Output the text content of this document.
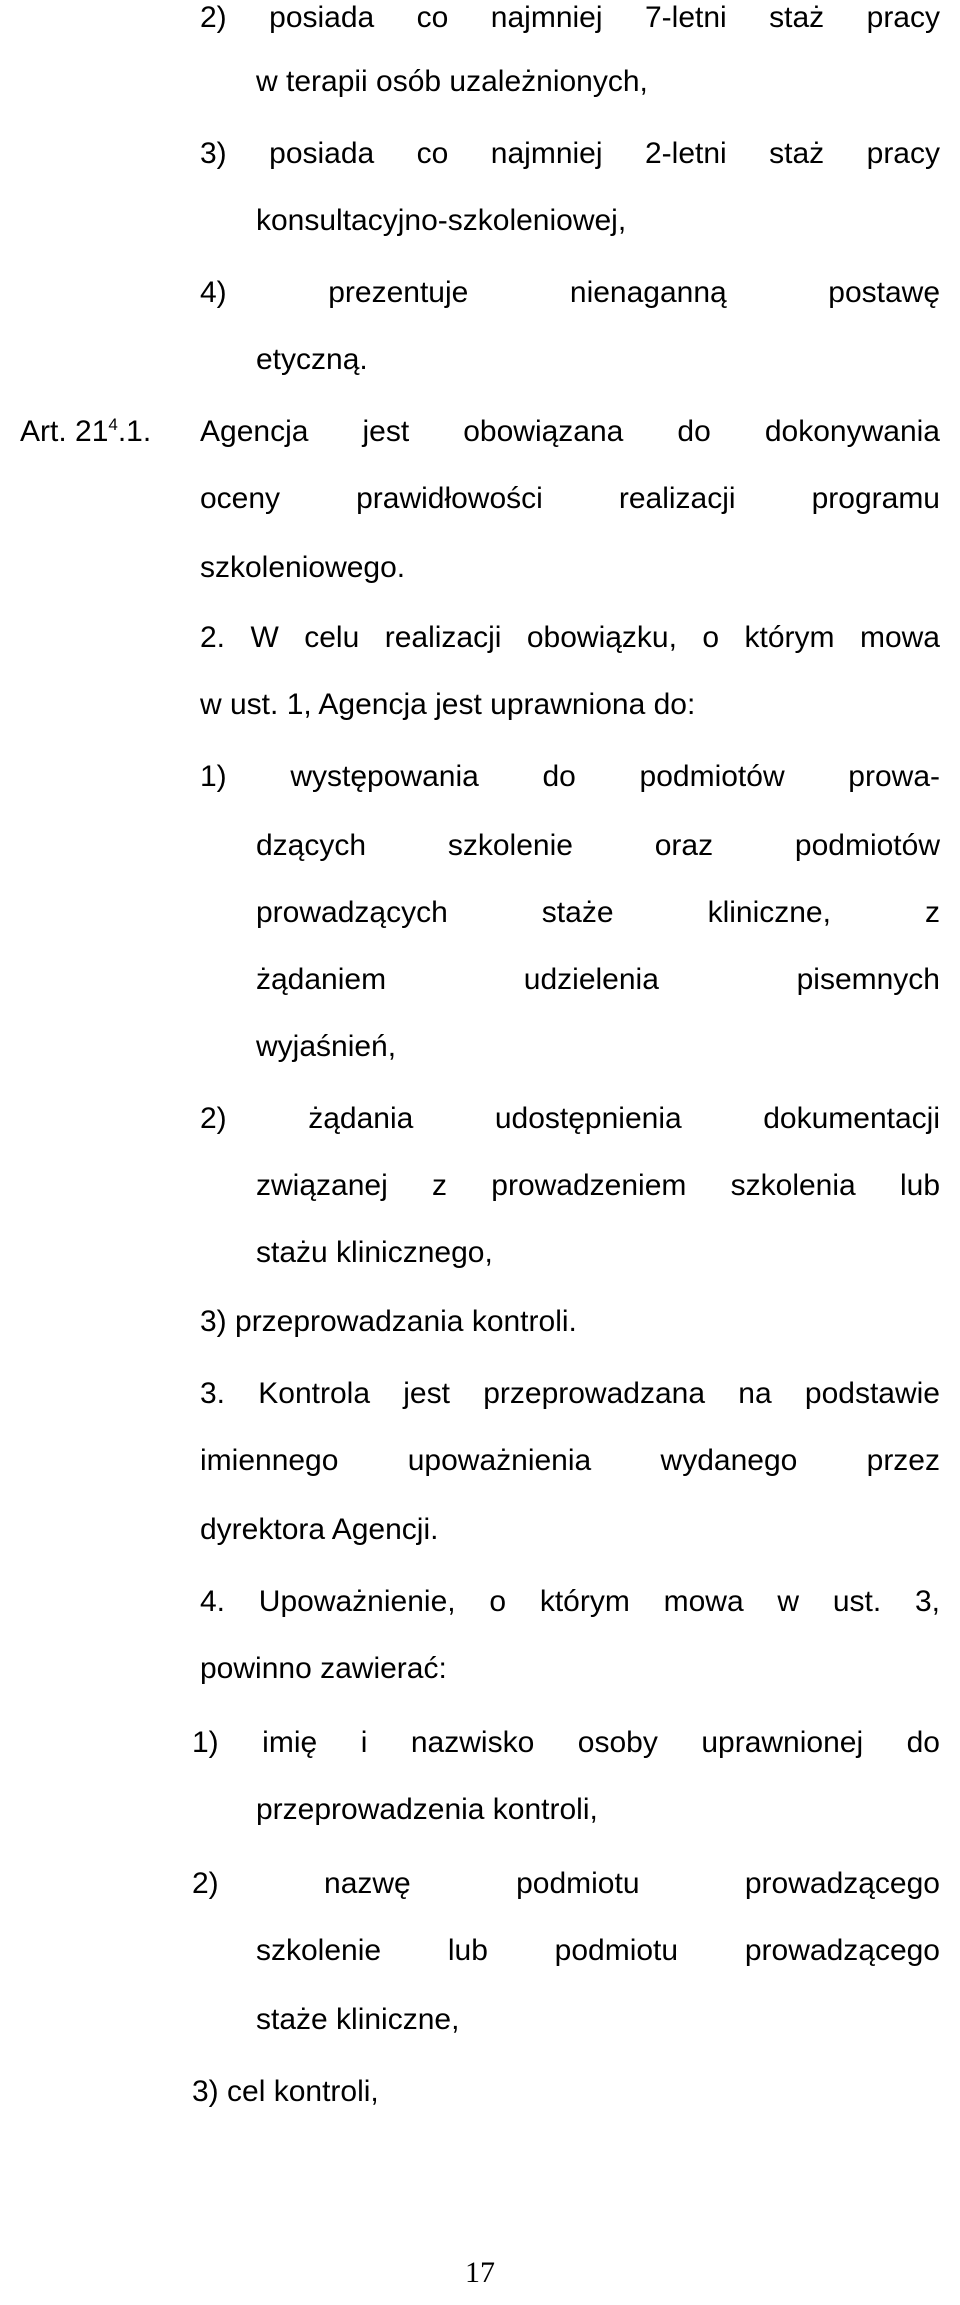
2) posiada co najmniej 7-letni staż pracy
w terapii osób uzależnionych,
3) posiada co najmniej 2-letni staż pracy
konsultacyjno-szkoleniowej,
4) prezentuje nienaganną postawę
etyczną.
Art. $21^4.1$. Agencja jest obowiązana do dokonywania
oceny prawidłowości realizacji programu
szkoleniowego.
2. W celu realizacji obowiązku, o którym mowa
w ust. 1, Agencja jest uprawniona do:
1) występowania do podmiotów prowa-
dzących szkolenie oraz podmiotów
prowadzących staże kliniczne, z
żądaniem udzielenia pisemnych
wyjaśnień,
2) żądania udostępnienia dokumentacji
związanej z prowadzeniem szkolenia lub
stażu klinicznego,
3) przeprowadzania kontroli.
3. Kontrola jest przeprowadzana na podstawie
imiennego upoważnienia wydanego przez
dyrektora Agencji.
4. Upoważnienie, o którym mowa w ust. 3,
powinno zawierać:
1) imię i nazwisko osoby uprawnionej do
przeprowadzenia kontroli,
2) nazwę podmiotu prowadzącego
szkolenie lub podmiotu prowadzącego
staże kliniczne,
3) cel kontroli,
17
